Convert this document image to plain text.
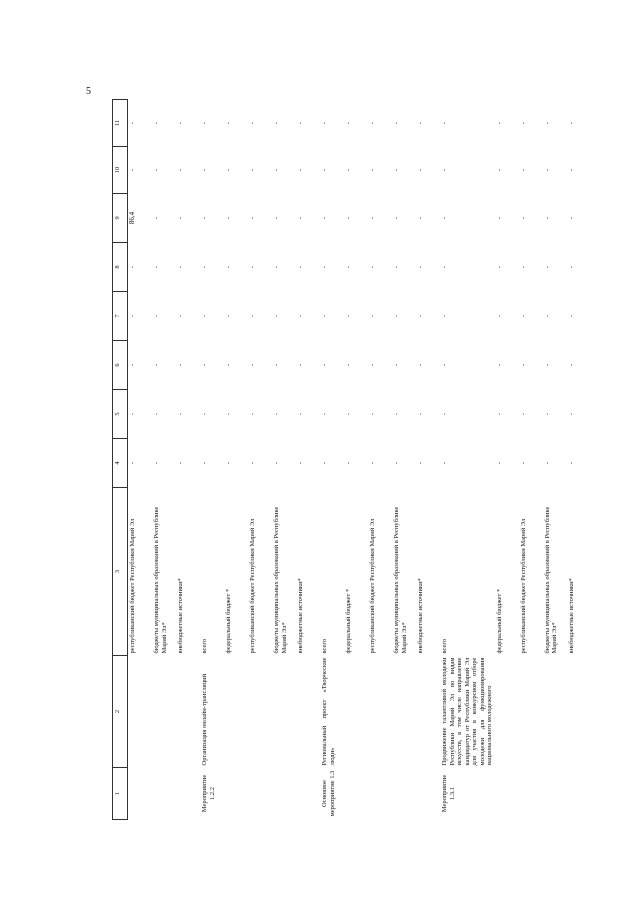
5
1	2	3	4	5	6	7	8	9	10	11
		республиканский бюджет Республики Марий Эл	-	-	-	-	-	86,4	-	-
		бюджеты муниципальных образований в Республике Марий Эл*	-	-	-	-	-	-	-	-
		внебюджетные источники*	-	-	-	-	-	-	-	-
Мероприятие 1.2.2	Организация онлайн-трансляций	всего	-	-	-	-	-	-	-	-
		федеральный бюджет *	-	-	-	-	-	-	-	-
		республиканский бюджет Республики Марий Эл	-	-	-	-	-	-	-	-
		бюджеты муниципальных образований в Республике Марий Эл*	-	-	-	-	-	-	-	-
		внебюджетные источники*	-	-	-	-	-	-	-	-
Основное мероприятие 1.3	Региональный проект «Творческие люди»	всего	-	-	-	-	-	-	-	-
		федеральный бюджет *	-	-	-	-	-	-	-	-
		республиканский бюджет Республики Марий Эл	-	-	-	-	-	-	-	-
		бюджеты муниципальных образований в Республике Марий Эл*	-	-	-	-	-	-	-	-
		внебюджетные источники*	-	-	-	-	-	-	-	-
Мероприятие 1.3.1	Продвижение талантливой молодежи Республики Марий Эл по видам искусств, в том числе направление кандидатур от Республики Марий Эл для участия в конкурсном отборе молодежи для функционирования национального молодежного	всего	-	-	-	-	-	-	-	-
		федеральный бюджет *	-	-	-	-	-	-	-	-
		республиканский бюджет Республики Марий Эл	-	-	-	-	-	-	-	-
		бюджеты муниципальных образований в Республике Марий Эл*	-	-	-	-	-	-	-	-
		внебюджетные источники*	-	-	-	-	-	-	-	-
